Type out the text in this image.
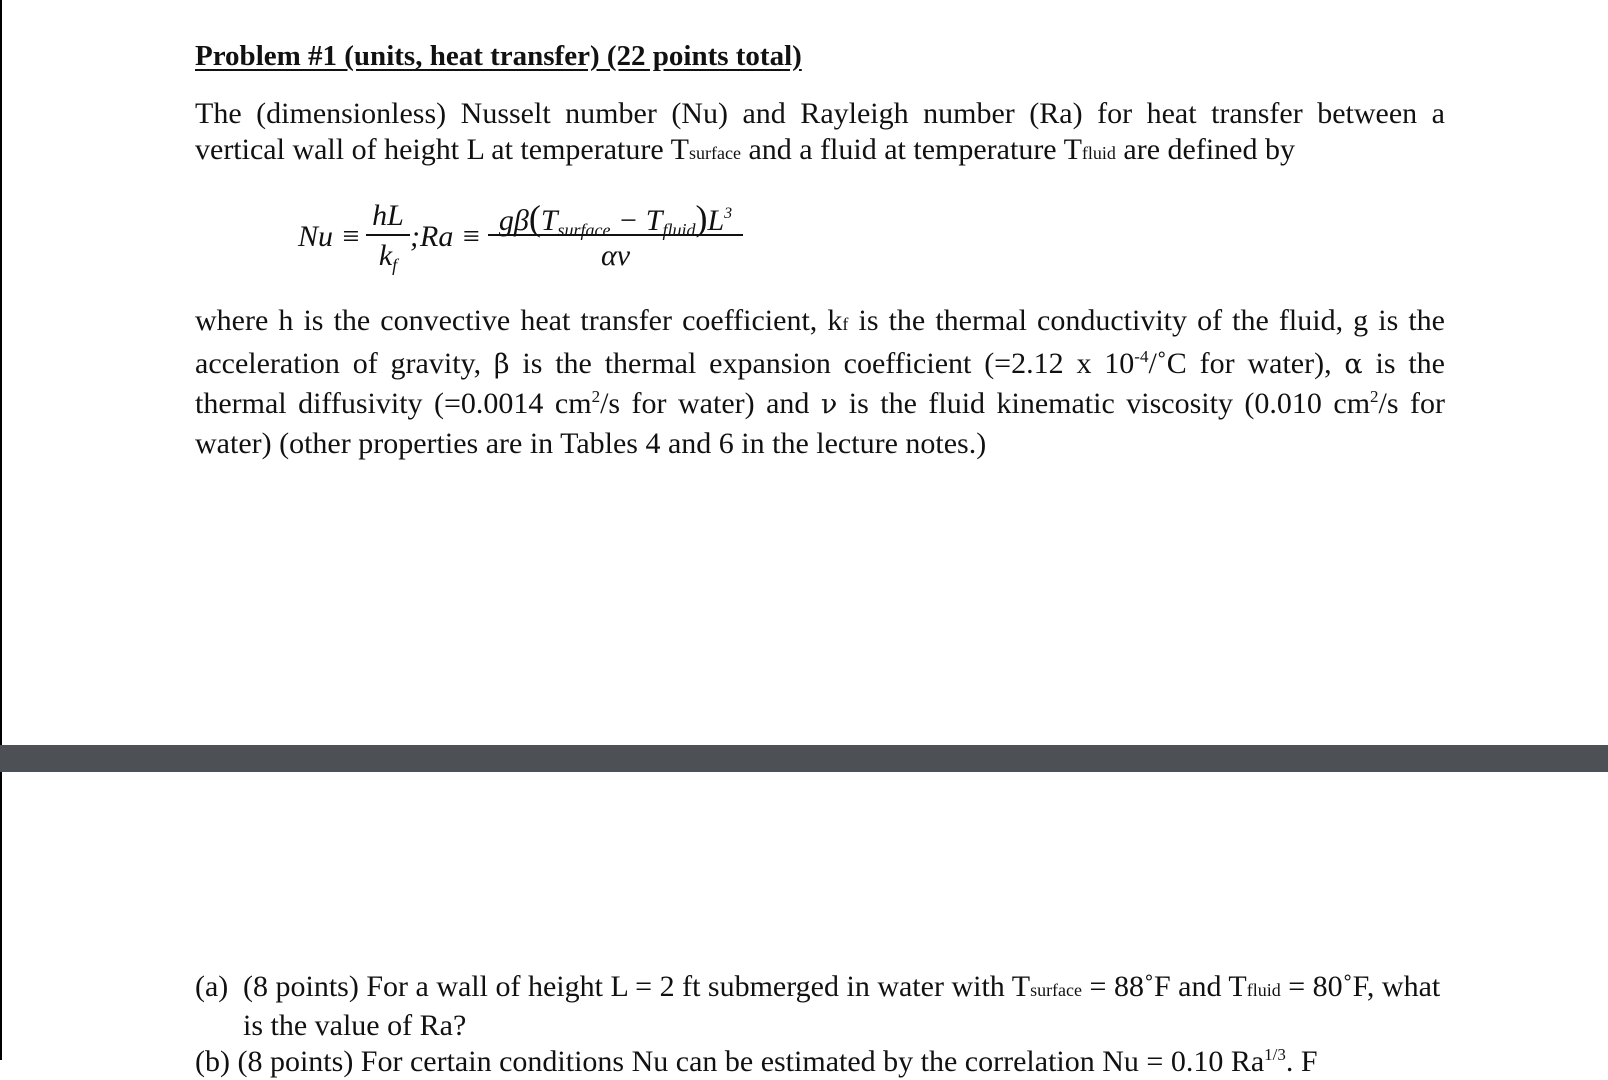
Problem #1 (units, heat transfer) (22 points total)
The (dimensionless) Nusselt number (Nu) and Rayleigh number (Ra) for heat transfer between a vertical wall of height L at temperature Tsurface and a fluid at temperature Tfluid are defined by
Nu ≡
hL
$k_f$
;Ra ≡ $g\beta(T_{surface} - T_{fluid})L^3$
αν
where h is the convective heat transfer coefficient, kf is the thermal conductivity of the fluid, g is the acceleration of gravity, β is the thermal expansion coefficient (=2.12 x $10^{-4}/˚C$ for water), α is the thermal diffusivity (=0.0014 $cm^2/s$ for water) and ν is the fluid kinematic viscosity (0.010 $cm^2/s$ for water) (other properties are in Tables 4 and 6 in the lecture notes.)
(a) (8 points) For a wall of height L = 2 ft submerged in water with Tsurface = 88˚F and Tfluid = 80˚F, what is the value of Ra?
(b) (8 points) For certain conditions Nu can be estimated by the correlation Nu = 0.10 $Ra^{1/3}$. F
